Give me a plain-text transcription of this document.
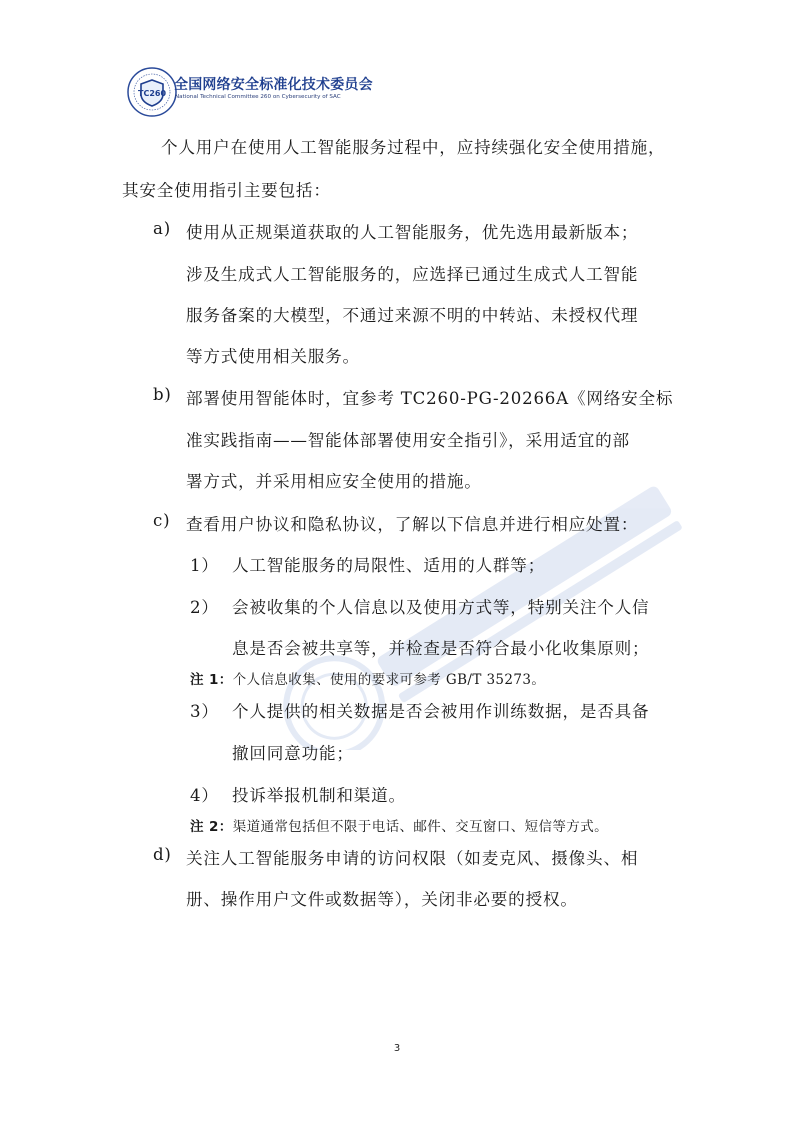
TC260
全国网络安全标准化技术委员会
National Technical Committee 260 on Cybersecurity of SAC
个人用户在使用人工智能服务过程中，应持续强化安全使用措施，
其安全使用指引主要包括：
a) 使用从正规渠道获取的人工智能服务，优先选用最新版本；
涉及生成式人工智能服务的，应选择已通过生成式人工智能
服务备案的大模型，不通过来源不明的中转站、未授权代理
等方式使用相关服务。
b) 部署使用智能体时，宜参考 TC260-PG-20266A《网络安全标
准实践指南——智能体部署使用安全指引》，采用适宜的部
署方式，并采用相应安全使用的措施。
c) 查看用户协议和隐私协议，了解以下信息并进行相应处置：
1） 人工智能服务的局限性、适用的人群等；
2） 会被收集的个人信息以及使用方式等，特别关注个人信
息是否会被共享等，并检查是否符合最小化收集原则；
注 1：个人信息收集、使用的要求可参考 GB/T 35273。
3） 个人提供的相关数据是否会被用作训练数据，是否具备
撤回同意功能；
4） 投诉举报机制和渠道。
注 2：渠道通常包括但不限于电话、邮件、交互窗口、短信等方式。
d) 关注人工智能服务申请的访问权限（如麦克风、摄像头、相
册、操作用户文件或数据等），关闭非必要的授权。
3
